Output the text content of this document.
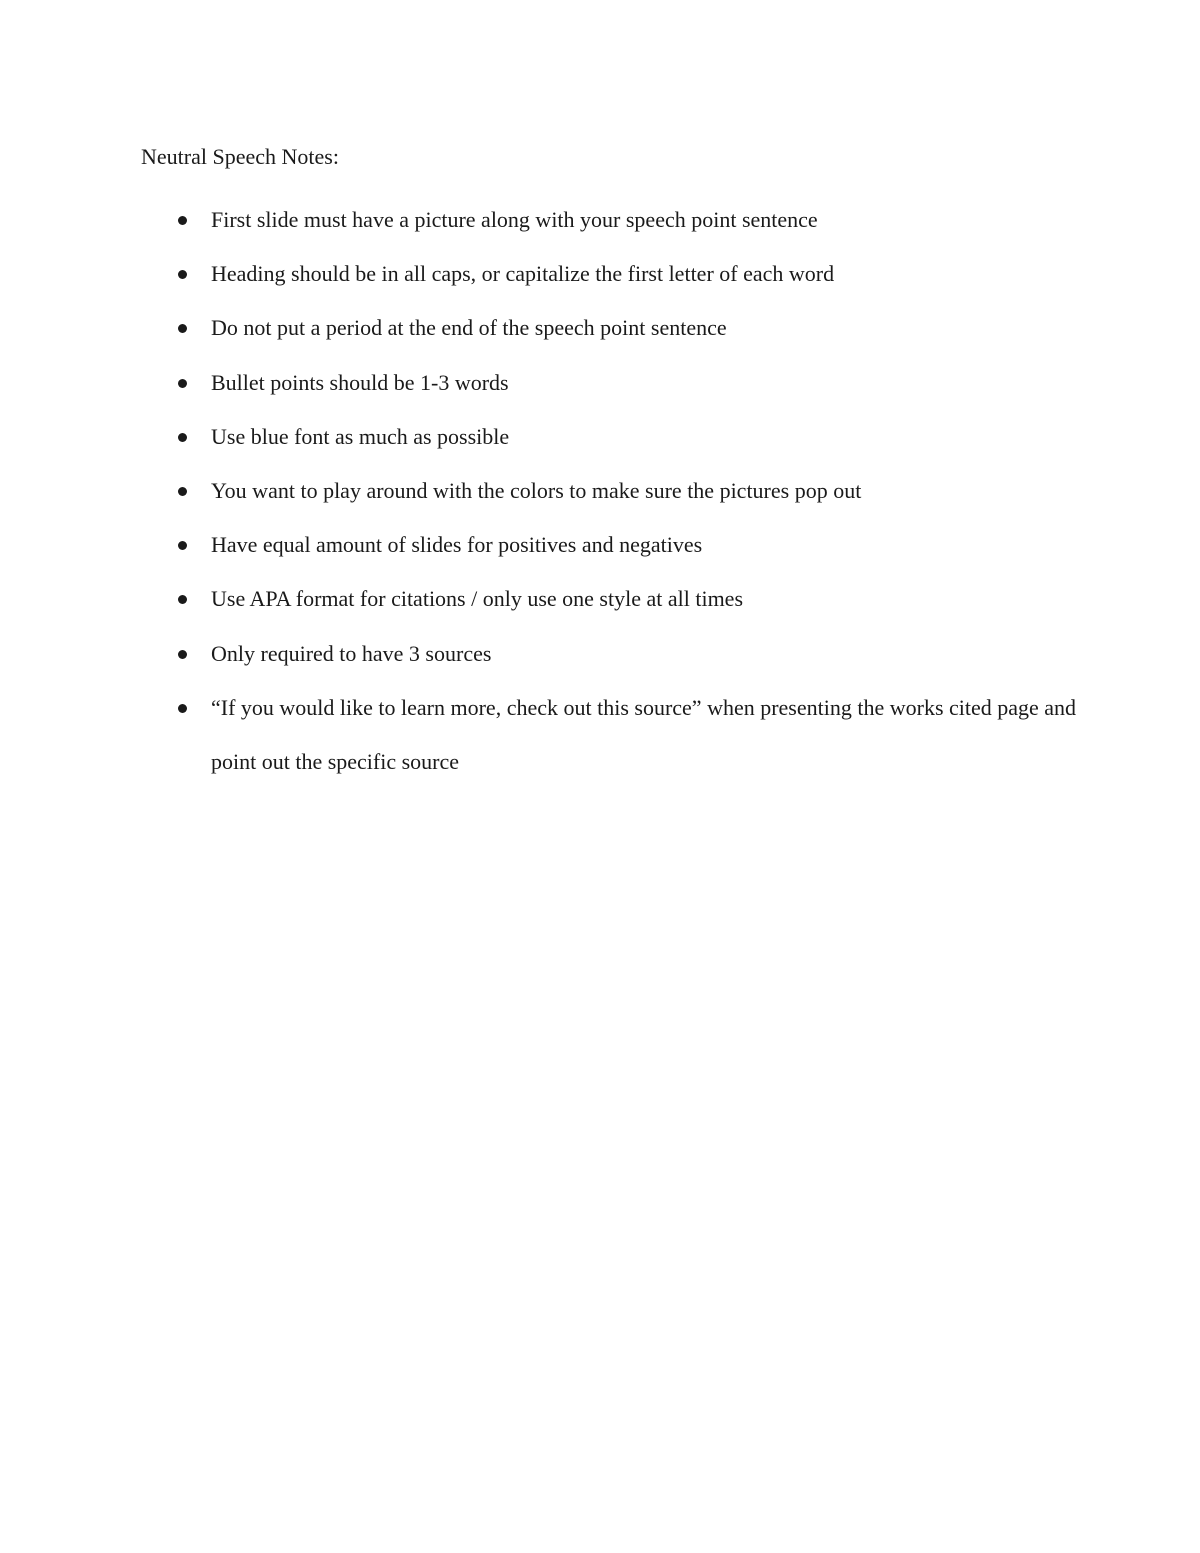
Neutral Speech Notes:
First slide must have a picture along with your speech point sentence
Heading should be in all caps, or capitalize the first letter of each word
Do not put a period at the end of the speech point sentence
Bullet points should be 1-3 words
Use blue font as much as possible
You want to play around with the colors to make sure the pictures pop out
Have equal amount of slides for positives and negatives
Use APA format for citations / only use one style at all times
Only required to have 3 sources
“If you would like to learn more, check out this source” when presenting the works cited page and point out the specific source
